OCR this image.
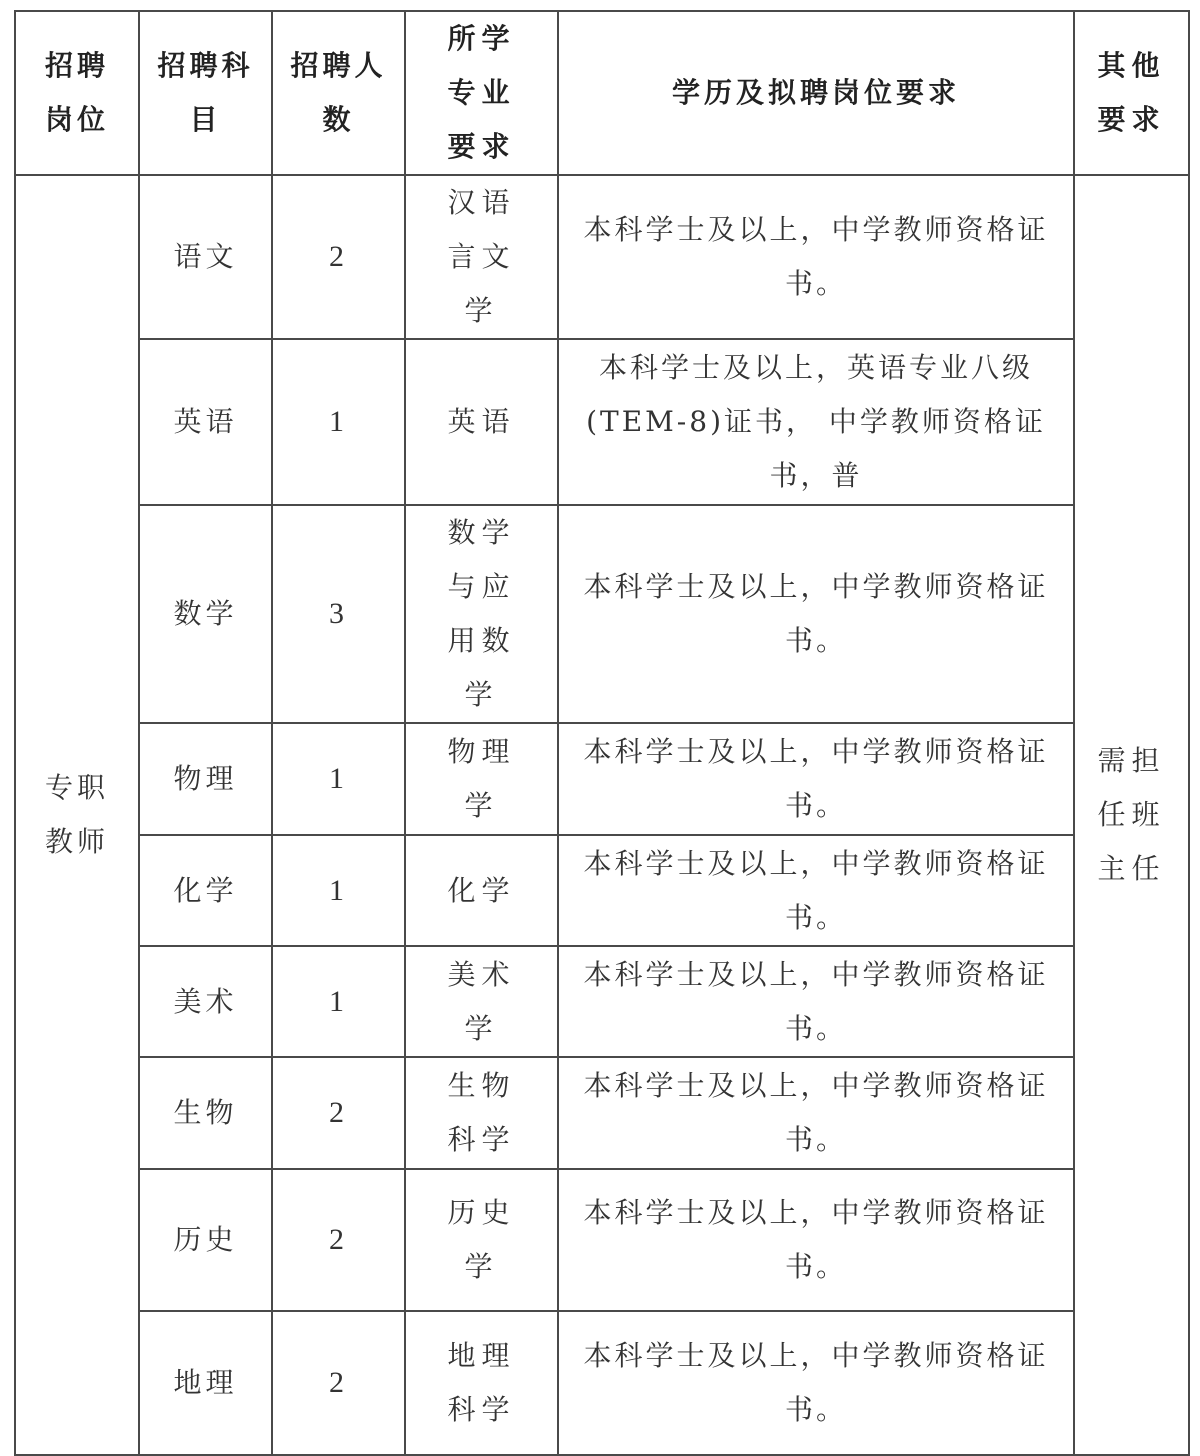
招聘岗位	招聘科目	招聘人数	所学专业要求	学历及拟聘岗位要求	其他要求

专职教师	语文	2	汉语言文学	本科学士及以上，中学教师资格证书。	需担任班主任

	英语	1	英语	本科学士及以上，英语专业八级(TEM-8)证书， 中学教师资格证书，普	
	数学	3	数学与应用数学	本科学士及以上，中学教师资格证书。	
	物理	1	物理学	本科学士及以上，中学教师资格证书。	
	化学	1	化学	本科学士及以上，中学教师资格证书。	
	美术	1	美术学	本科学士及以上，中学教师资格证书。	
	生物	2	生物科学	本科学士及以上，中学教师资格证书。	
	历史	2	历史学	本科学士及以上，中学教师资格证书。	
	地理	2	地理科学	本科学士及以上，中学教师资格证书。	
